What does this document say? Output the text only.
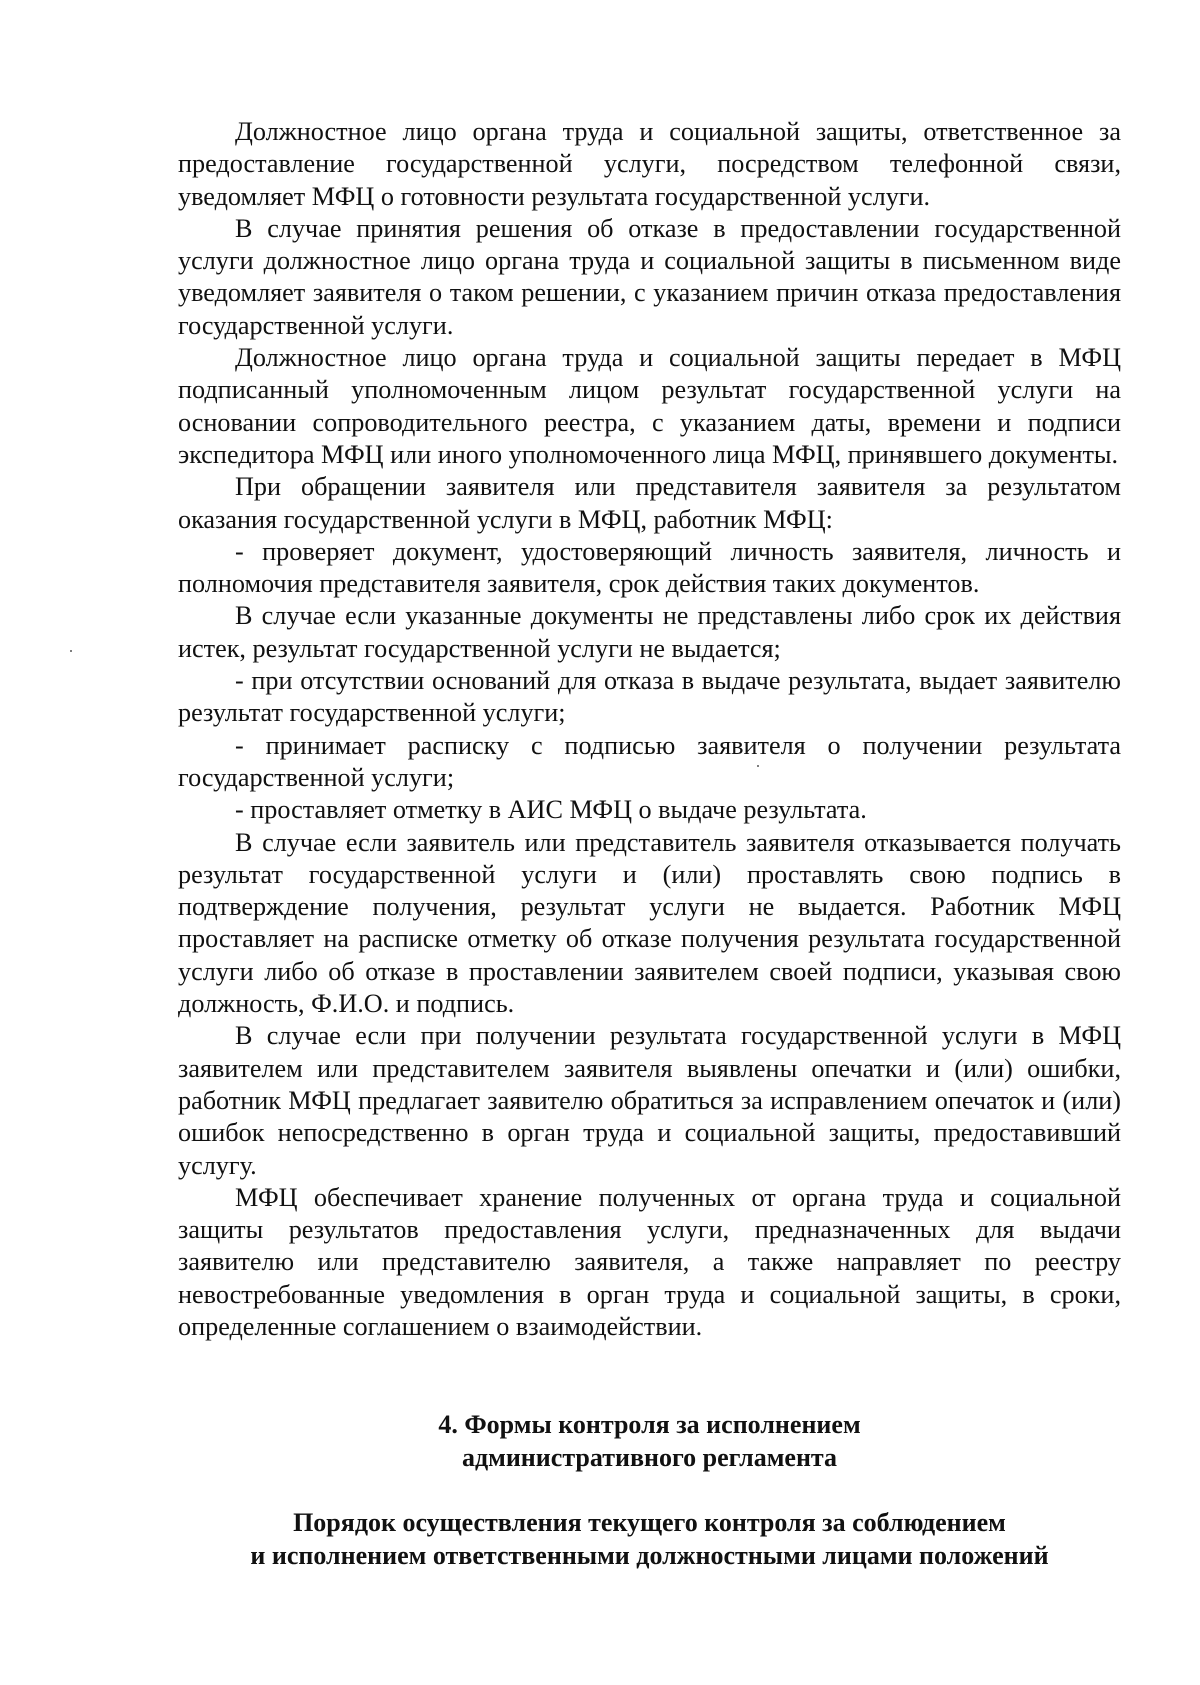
Должностное лицо органа труда и социальной защиты, ответственное за предоставление государственной услуги, посредством телефонной связи, уведомляет МФЦ о готовности результата государственной услуги.

В случае принятия решения об отказе в предоставлении государственной услуги должностное лицо органа труда и социальной защиты в письменном виде уведомляет заявителя о таком решении, с указанием причин отказа предоставления государственной услуги.

Должностное лицо органа труда и социальной защиты передает в МФЦ подписанный уполномоченным лицом результат государственной услуги на основании сопроводительного реестра, с указанием даты, времени и подписи экспедитора МФЦ или иного уполномоченного лица МФЦ, принявшего документы.

При обращении заявителя или представителя заявителя за результатом оказания государственной услуги в МФЦ, работник МФЦ:

- проверяет документ, удостоверяющий личность заявителя, личность и полномочия представителя заявителя, срок действия таких документов.

В случае если указанные документы не представлены либо срок их действия истек, результат государственной услуги не выдается;

- при отсутствии оснований для отказа в выдаче результата, выдает заявителю результат государственной услуги;

- принимает расписку с подписью заявителя о получении результата государственной услуги;

- проставляет отметку в АИС МФЦ о выдаче результата.

В случае если заявитель или представитель заявителя отказывается получать результат государственной услуги и (или) проставлять свою подпись в подтверждение получения, результат услуги не выдается. Работник МФЦ проставляет на расписке отметку об отказе получения результата государственной услуги либо об отказе в проставлении заявителем своей подписи, указывая свою должность, Ф.И.О. и подпись.

В случае если при получении результата государственной услуги в МФЦ заявителем или представителем заявителя выявлены опечатки и (или) ошибки, работник МФЦ предлагает заявителю обратиться за исправлением опечаток и (или) ошибок непосредственно в орган труда и социальной защиты, предоставивший услугу.

МФЦ обеспечивает хранение полученных от органа труда и социальной защиты результатов предоставления услуги, предназначенных для выдачи заявителю или представителю заявителя, а также направляет по реестру невостребованные уведомления в орган труда и социальной защиты, в сроки, определенные соглашением о взаимодействии.

4. Формы контроля за исполнением

административного регламента

Порядок осуществления текущего контроля за соблюдением

и исполнением ответственными должностными лицами положений
